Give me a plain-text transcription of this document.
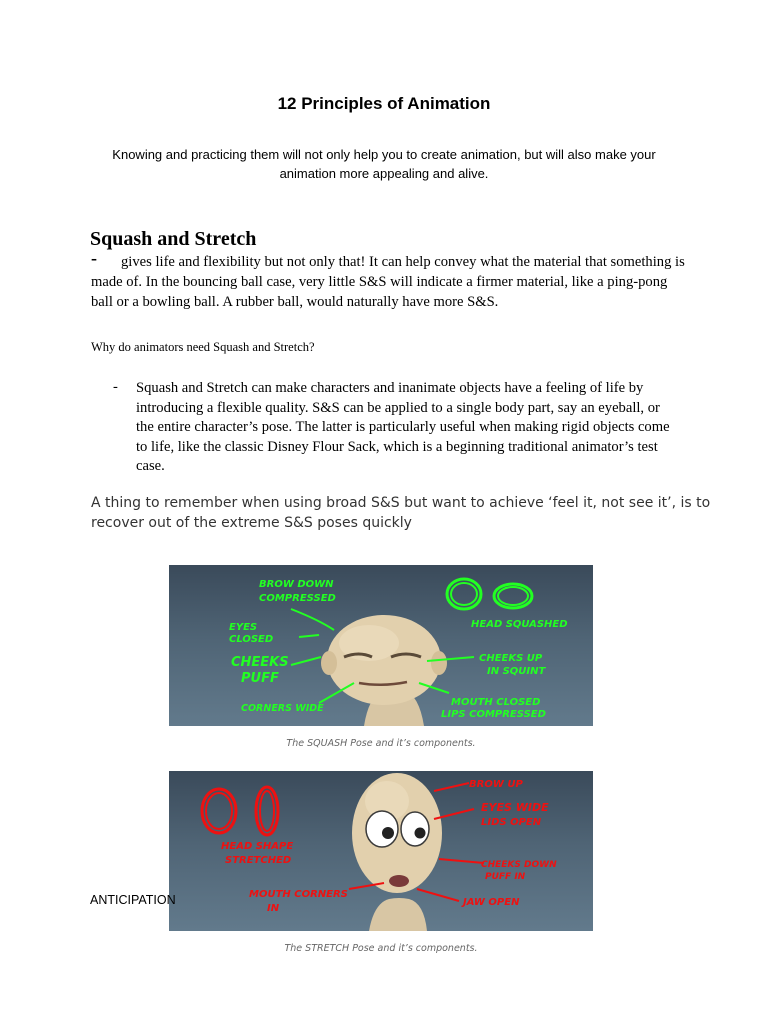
12 Principles of Animation
Knowing and practicing them will not only help you to create animation, but will also make your animation more appealing and alive.
Squash and Stretch
-	gives life and flexibility but not only that! It can help convey what the material that something is made of. In the bouncing ball case, very little S&S will indicate a firmer material, like a ping-pong ball or a bowling ball. A rubber ball, would naturally have more S&S.
Why do animators need Squash and Stretch?
- Squash and Stretch can make characters and inanimate objects have a feeling of life by introducing a flexible quality. S&S can be applied to a single body part, say an eyeball, or the entire character’s pose. The latter is particularly useful when making rigid objects come to life, like the classic Disney Flour Sack, which is a beginning traditional animator’s test case.
A thing to remember when using broad S&S but want to achieve ‘feel it, not see it’, is to recover out of the extreme S&S poses quickly
BROW DOWN
COMPRESSED
EYES
CLOSED
CHEEKS
PUFF
CORNERS WIDE
HEAD SQUASHED
CHEEKS UP
IN SQUINT
MOUTH CLOSED
LIPS COMPRESSED
The SQUASH Pose and it’s components.
BROW UP
EYES WIDE
LIDS OPEN
HEAD SHAPE
STRETCHED	CHEEKS DOWN
PUFF IN
MOUTH CORNERS
IN
JAW OPEN
The STRETCH Pose and it’s components.
ANTICIPATION
